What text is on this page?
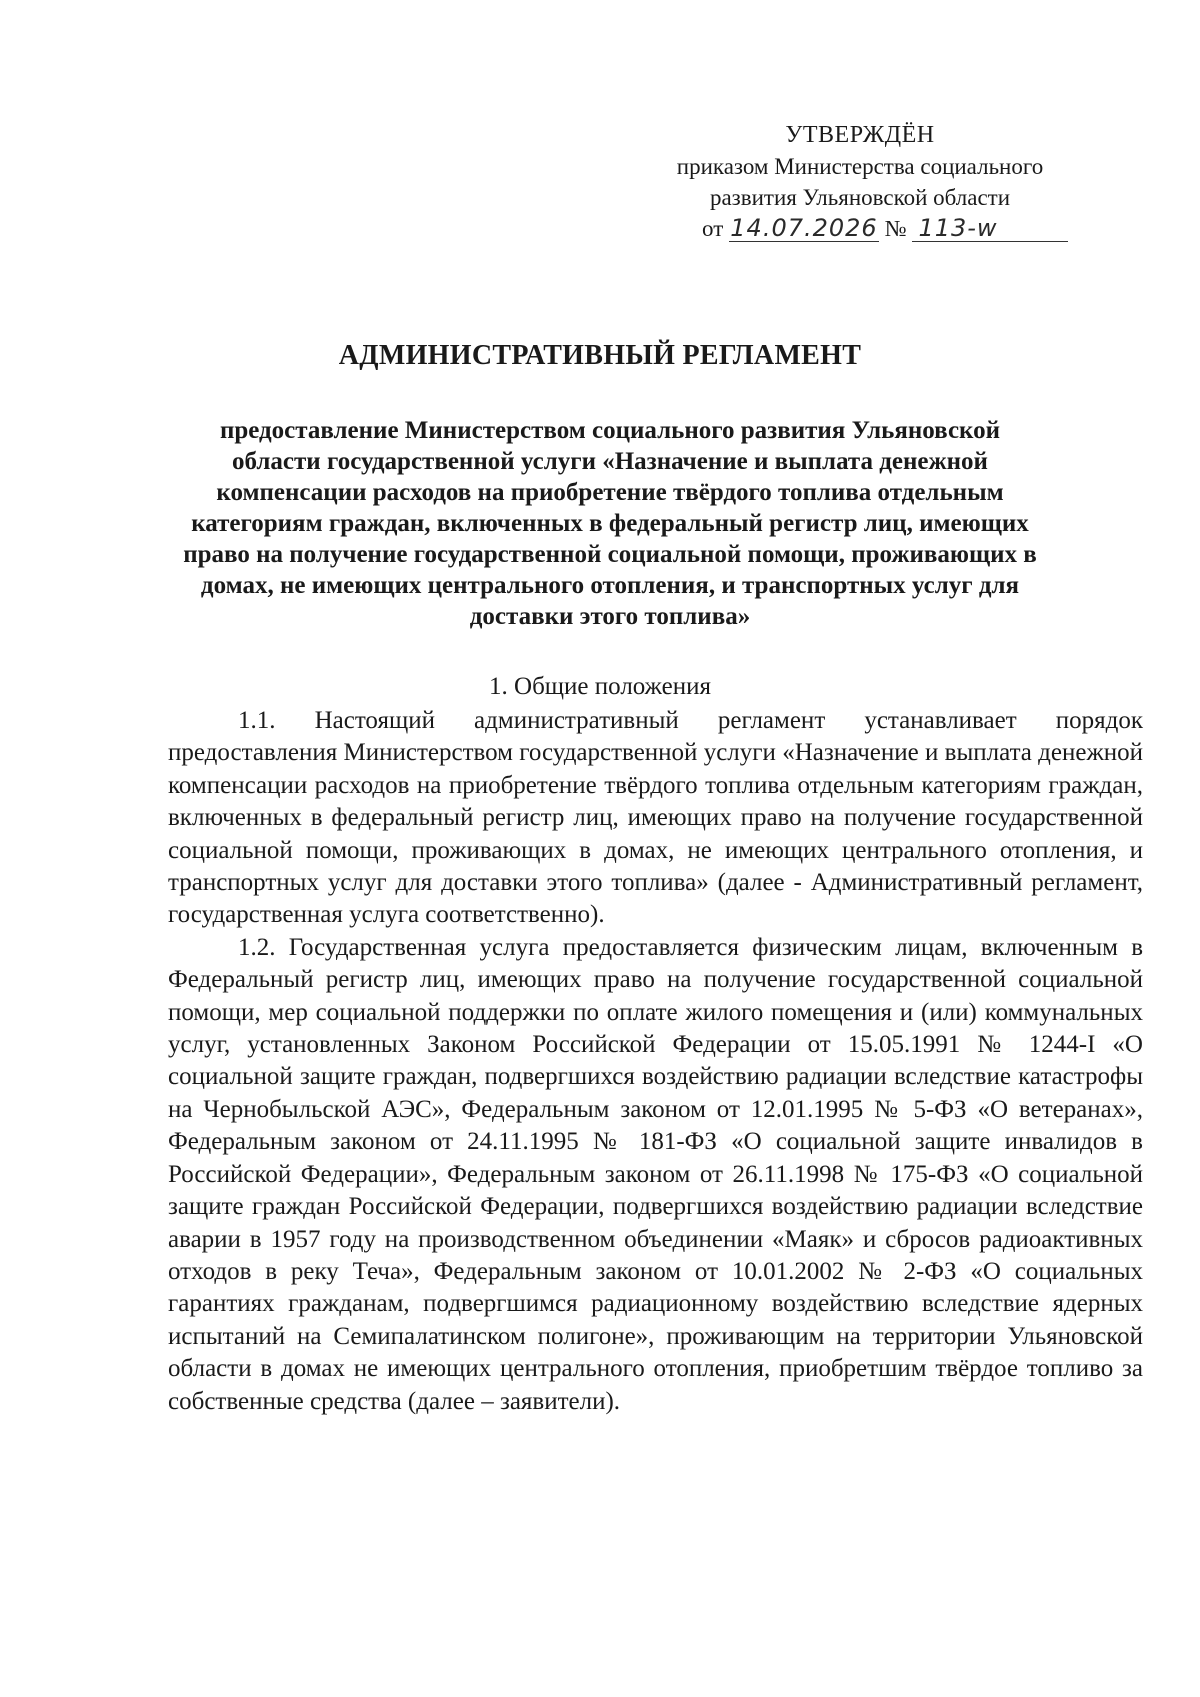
УТВЕРЖДЁН
приказом Министерства социального
развития Ульяновской области
от 14.07.2026 № 113-w
АДМИНИСТРАТИВНЫЙ РЕГЛАМЕНТ
предоставление Министерством социального развития Ульяновской области государственной услуги «Назначение и выплата денежной компенсации расходов на приобретение твёрдого топлива отдельным категориям граждан, включенных в федеральный регистр лиц, имеющих право на получение государственной социальной помощи, проживающих в домах, не имеющих центрального отопления, и транспортных услуг для доставки этого топлива»
1. Общие положения

1.1. Настоящий административный регламент устанавливает порядок предоставления Министерством государственной услуги «Назначение и выплата денежной компенсации расходов на приобретение твёрдого топлива отдельным категориям граждан, включенных в федеральный регистр лиц, имеющих право на получение государственной социальной помощи, проживающих в домах, не имеющих центрального отопления, и транспортных услуг для доставки этого топлива» (далее - Административный регламент, государственная услуга соответственно).

1.2. Государственная услуга предоставляется физическим лицам, включенным в Федеральный регистр лиц, имеющих право на получение государственной социальной помощи, мер социальной поддержки по оплате жилого помещения и (или) коммунальных услуг, установленных Законом Российской Федерации от 15.05.1991 № 1244-I «О социальной защите граждан, подвергшихся воздействию радиации вследствие катастрофы на Чернобыльской АЭС», Федеральным законом от 12.01.1995 № 5-ФЗ «О ветеранах», Федеральным законом от 24.11.1995 № 181-ФЗ «О социальной защите инвалидов в Российской Федерации», Федеральным законом от 26.11.1998 № 175-ФЗ «О социальной защите граждан Российской Федерации, подвергшихся воздействию радиации вследствие аварии в 1957 году на производственном объединении «Маяк» и сбросов радиоактивных отходов в реку Теча», Федеральным законом от 10.01.2002 № 2-ФЗ «О социальных гарантиях гражданам, подвергшимся радиационному воздействию вследствие ядерных испытаний на Семипалатинском полигоне», проживающим на территории Ульяновской области в домах не имеющих центрального отопления, приобретшим твёрдое топливо за собственные средства (далее – заявители).
